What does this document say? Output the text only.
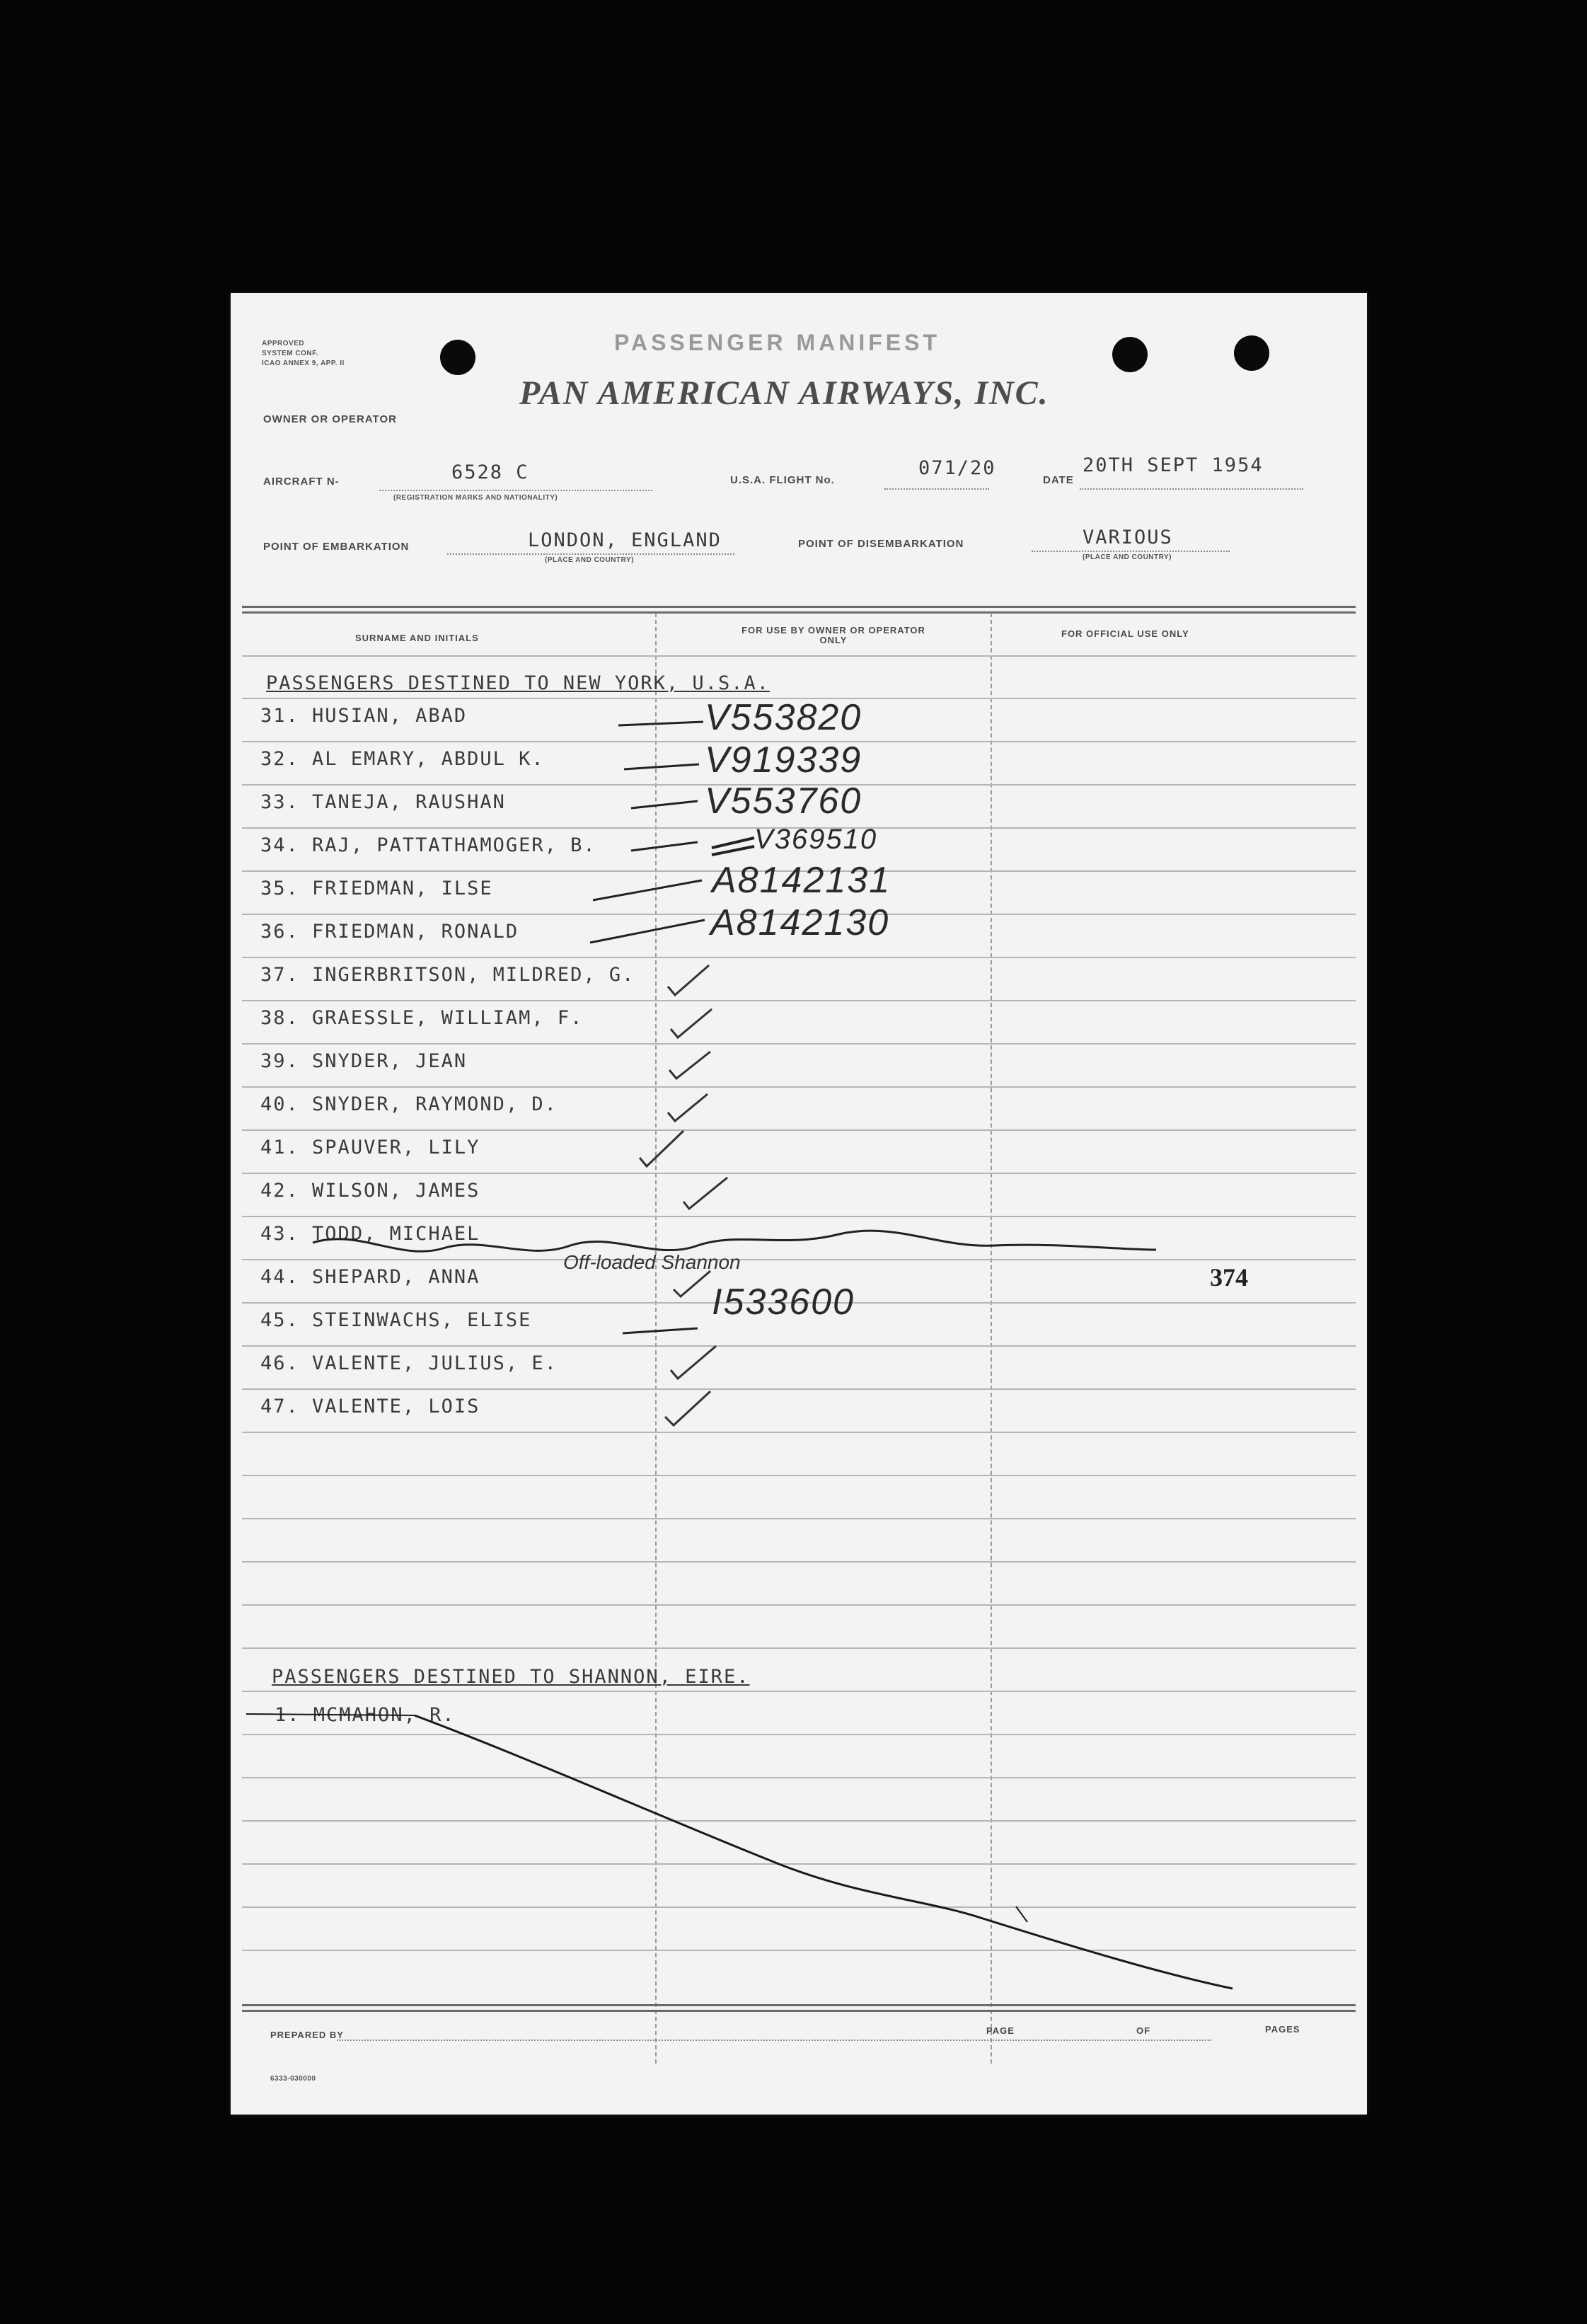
APPROVED
SYSTEM CONF.
ICAO ANNEX 9, APP. II
PASSENGER MANIFEST
PAN AMERICAN AIRWAYS, INC.
OWNER OR OPERATOR
AIRCRAFT N-	6528 C
(REGISTRATION MARKS AND NATIONALITY)
U.S.A. FLIGHT No.
071/20
DATE
20TH SEPT 1954
POINT OF EMBARKATION	LONDON, ENGLAND
(PLACE AND COUNTRY)
POINT OF DISEMBARKATION	VARIOUS
(PLACE AND COUNTRY)
SURNAME AND INITIALS
FOR USE BY OWNER OR OPERATOR ONLY
FOR OFFICIAL USE ONLY
PASSENGERS DESTINED TO NEW YORK, U.S.A.
31. HUSIAN, ABAD	V553820
32. AL EMARY, ABDUL K.	V919339
33. TANEJA, RAUSHAN	V553760
34. RAJ, PATTATHAMOGER, B.	V369510
35. FRIEDMAN, ILSE	A8142131
36. FRIEDMAN, RONALD	A8142130
37. INGERBRITSON, MILDRED, G.
38. GRAESSLE, WILLIAM, F.
39. SNYDER, JEAN
40. SNYDER, RAYMOND, D.
41. SPAUVER, LILY
42. WILSON, JAMES
43. TODD, MICHAEL
Off-loaded Shannon
44. SHEPARD, ANNA
45. STEINWACHS, ELISE	I533600
46. VALENTE, JULIUS, E.
47. VALENTE, LOIS
374
PASSENGERS DESTINED TO SHANNON, EIRE.
1. MCMAHON, R.
PREPARED BY	PAGE	OF	PAGES
6333-030000
